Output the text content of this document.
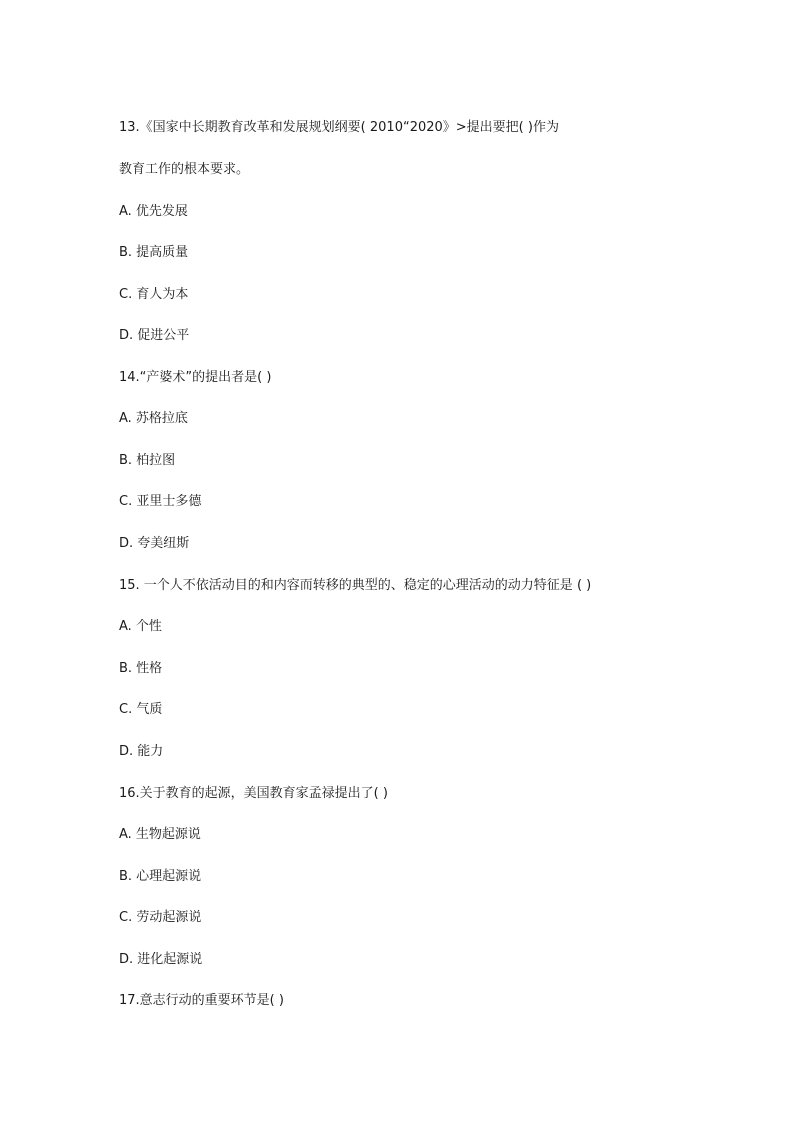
13.《国家中长期教育改革和发展规划纲要( 2010“2020》>提出要把( )作为
教育工作的根本要求。
A. 优先发展
B. 提高质量
C. 育人为本
D. 促进公平
14.“产婆术”的提出者是( )
A. 苏格拉底
B. 柏拉图
C. 亚里士多德
D. 夸美纽斯
15. 一个人不依活动目的和内容而转移的典型的、稳定的心理活动的动力特征是 ( )
A. 个性
B. 性格
C. 气质
D. 能力
16.关于教育的起源，美国教育家孟禄提出了( )
A. 生物起源说
B. 心理起源说
C. 劳动起源说
D. 进化起源说
17.意志行动的重要环节是( )
